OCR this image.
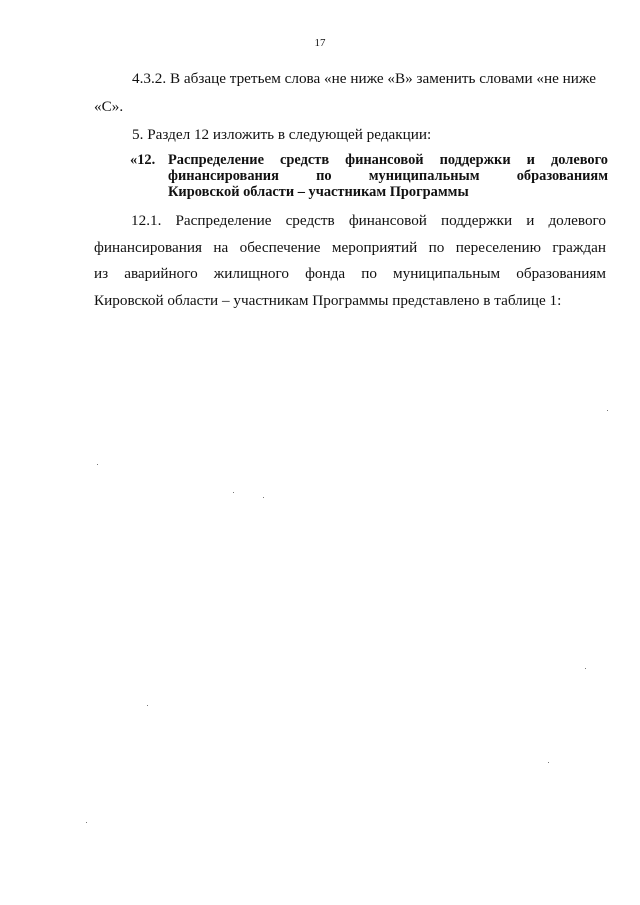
17
4.3.2. В абзаце третьем слова «не ниже «В» заменить словами «не ниже
«С».
5. Раздел 12 изложить в следующей редакции:
«12. Распределение средств финансовой поддержки и долевого
финансирования по муниципальным образованиям
Кировской области – участникам Программы
12.1. Распределение средств финансовой поддержки и долевого
финансирования на обеспечение мероприятий по переселению граждан
из аварийного жилищного фонда по муниципальным образованиям
Кировской области – участникам Программы представлено в таблице 1:
